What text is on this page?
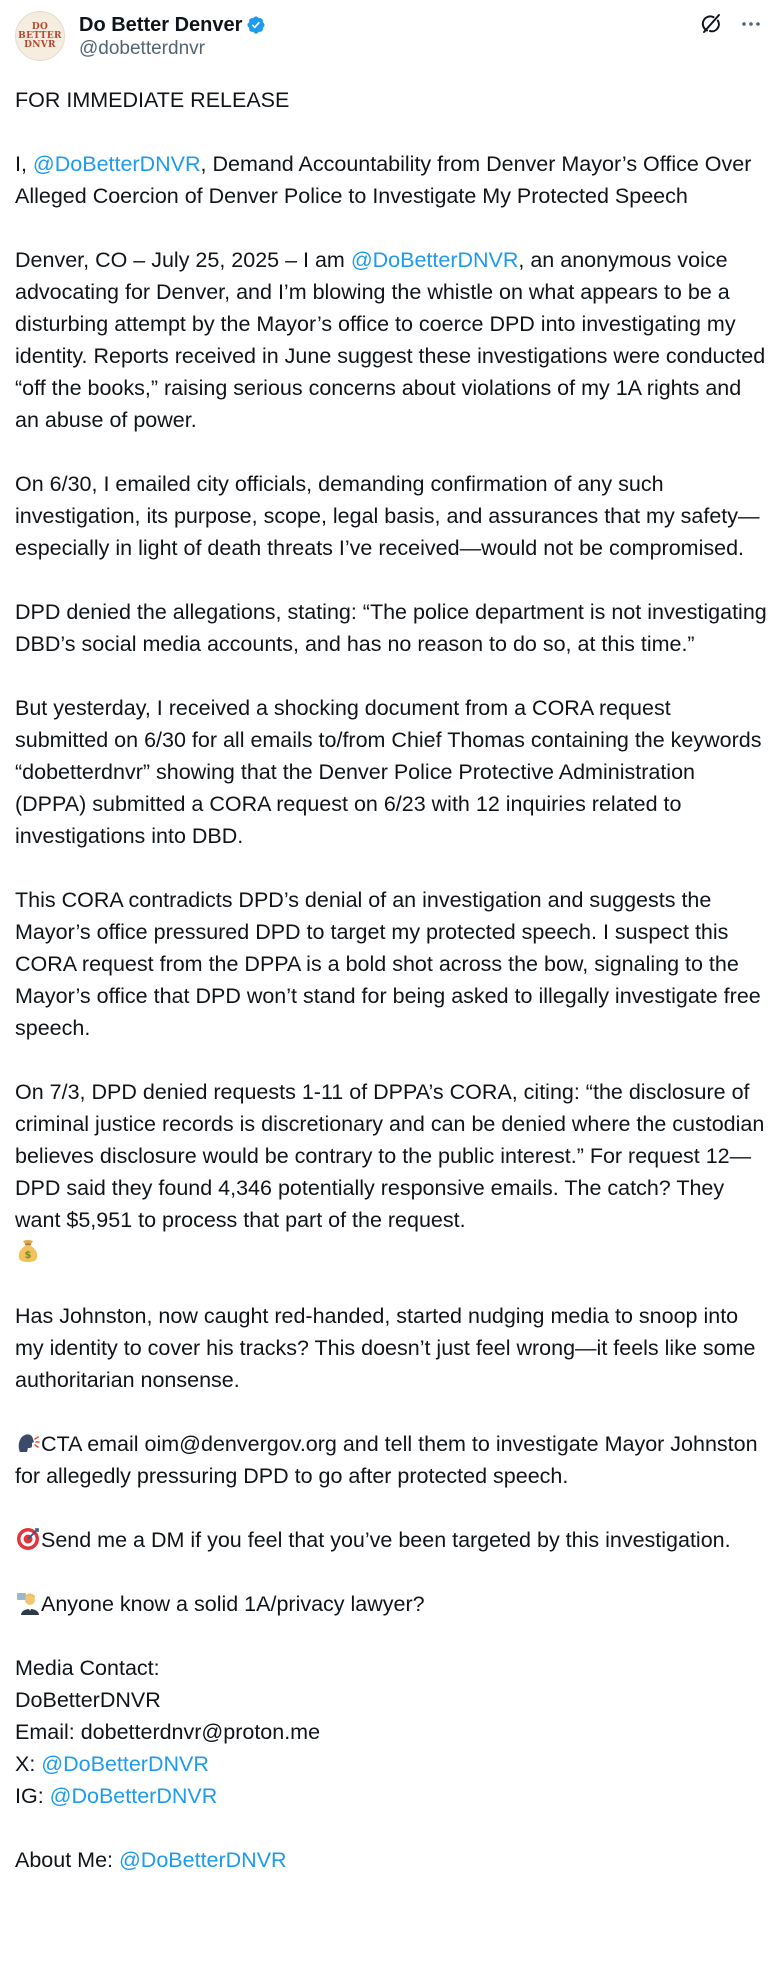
DO
BETTER
DNVR
Do Better Denver
@dobetterdnvr

FOR IMMEDIATE RELEASE

I, @DoBetterDNVR, Demand Accountability from Denver Mayor’s Office Over Alleged Coercion of Denver Police to Investigate My Protected Speech

Denver, CO – July 25, 2025 – I am @DoBetterDNVR, an anonymous voice advocating for Denver, and I’m blowing the whistle on what appears to be a disturbing attempt by the Mayor’s office to coerce DPD into investigating my identity. Reports received in June suggest these investigations were conducted “off the books,” raising serious concerns about violations of my 1A rights and an abuse of power.

On 6/30, I emailed city officials, demanding confirmation of any such investigation, its purpose, scope, legal basis, and assurances that my safety—especially in light of death threats I’ve received—would not be compromised.

DPD denied the allegations, stating: “The police department is not investigating DBD’s social media accounts, and has no reason to do so, at this time.”

But yesterday, I received a shocking document from a CORA request submitted on 6/30 for all emails to/from Chief Thomas containing the keywords “dobetterdnvr” showing that the Denver Police Protective Administration (DPPA) submitted a CORA request on 6/23 with 12 inquiries related to investigations into DBD.

This CORA contradicts DPD’s denial of an investigation and suggests the Mayor’s office pressured DPD to target my protected speech. I suspect this CORA request from the DPPA is a bold shot across the bow, signaling to the Mayor’s office that DPD won’t stand for being asked to illegally investigate free speech.

On 7/3, DPD denied requests 1-11 of DPPA’s CORA, citing: “the disclosure of criminal justice records is discretionary and can be denied where the custodian believes disclosure would be contrary to the public interest.” For request 12—DPD said they found 4,346 potentially responsive emails. The catch? They want $5,951 to process that part of the request.

$

Has Johnston, now caught red-handed, started nudging media to snoop into my identity to cover his tracks? This doesn’t just feel wrong—it feels like some authoritarian nonsense.

CTA email oim@denvergov.org and tell them to investigate Mayor Johnston for allegedly pressuring DPD to go after protected speech.

Send me a DM if you feel that you’ve been targeted by this investigation.

Anyone know a solid 1A/privacy lawyer?

Media Contact:
DoBetterDNVR
Email: dobetterdnvr@proton.me
X: @DoBetterDNVR
IG: @DoBetterDNVR

About Me: @DoBetterDNVR
